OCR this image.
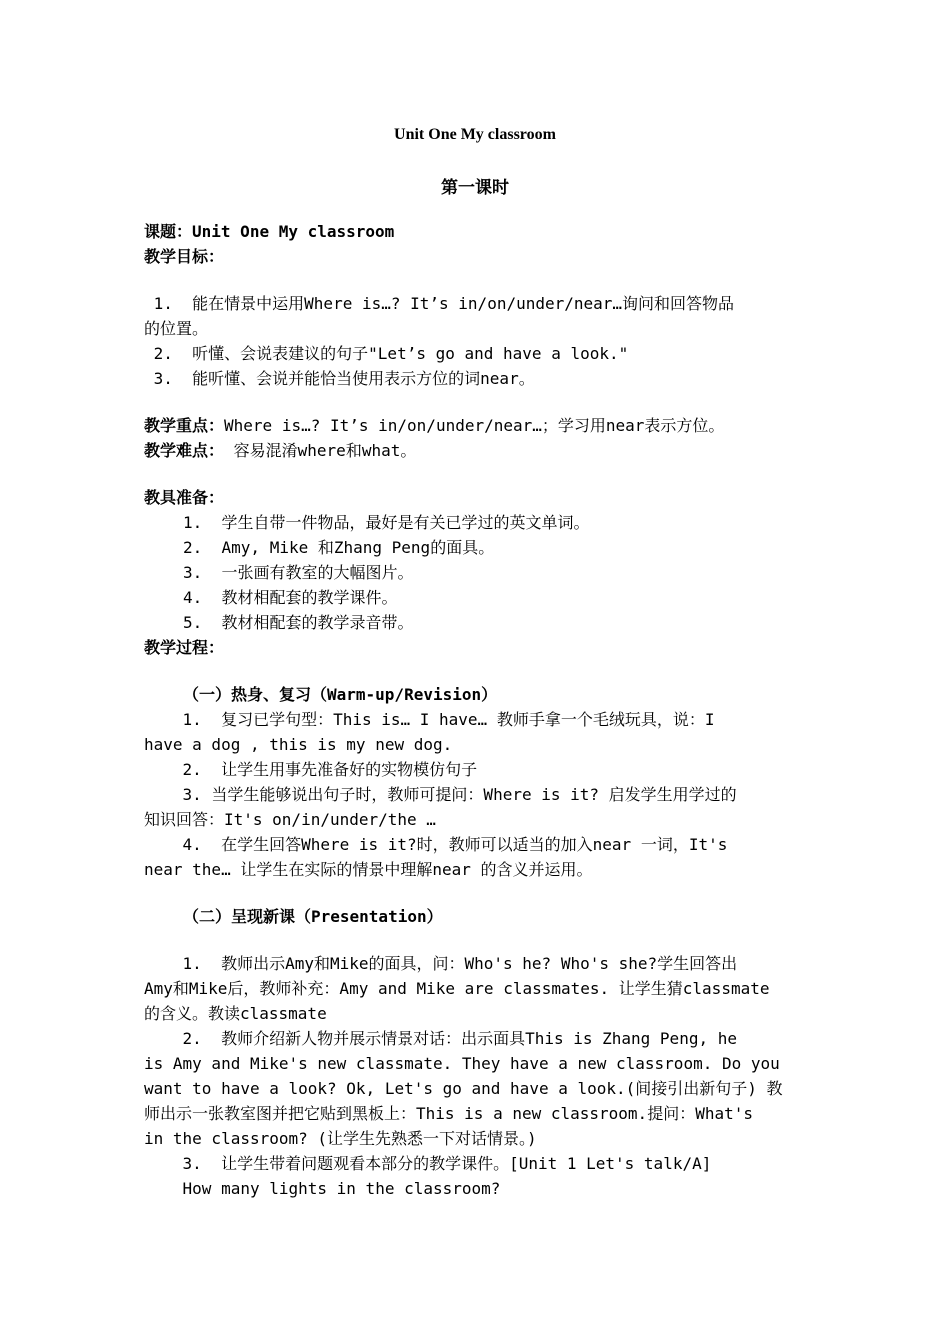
Unit One My classroom
第一课时
课题：Unit One My classroom
教学目标：
1.  能在情景中运用Where is…? It’s in/on/under/near…询问和回答物品
的位置。
2.  听懂、会说表建议的句子"Let’s go and have a look."
3.  能听懂、会说并能恰当使用表示方位的词near。
教学重点：Where is…? It’s in/on/under/near…；学习用near表示方位。
教学难点： 容易混淆where和what。
教具准备：
1.  学生自带一件物品，最好是有关已学过的英文单词。
2.  Amy, Mike 和Zhang Peng的面具。
3.  一张画有教室的大幅图片。
4.  教材相配套的教学课件。
5.  教材相配套的教学录音带。
教学过程：
（一）热身、复习（Warm-up/Revision）
1.  复习已学句型：This is… I have… 教师手拿一个毛绒玩具，说：I
have a dog , this is my new dog.
2.  让学生用事先准备好的实物模仿句子
3. 当学生能够说出句子时，教师可提问：Where is it? 启发学生用学过的
知识回答：It's on/in/under/the …
4.  在学生回答Where is it?时，教师可以适当的加入near 一词，It's
near the… 让学生在实际的情景中理解near 的含义并运用。
（二）呈现新课（Presentation）
1.  教师出示Amy和Mike的面具，问：Who's he? Who's she?学生回答出
Amy和Mike后，教师补充：Amy and Mike are classmates. 让学生猜classmate
的含义。教读classmate
2.  教师介绍新人物并展示情景对话：出示面具This is Zhang Peng, he
is Amy and Mike's new classmate. They have a new classroom. Do you
want to have a look? Ok, Let's go and have a look.(间接引出新句子) 教
师出示一张教室图并把它贴到黑板上：This is a new classroom.提问：What's
in the classroom? (让学生先熟悉一下对话情景。)
3.  让学生带着问题观看本部分的教学课件。[Unit 1 Let's talk/A]
How many lights in the classroom?
